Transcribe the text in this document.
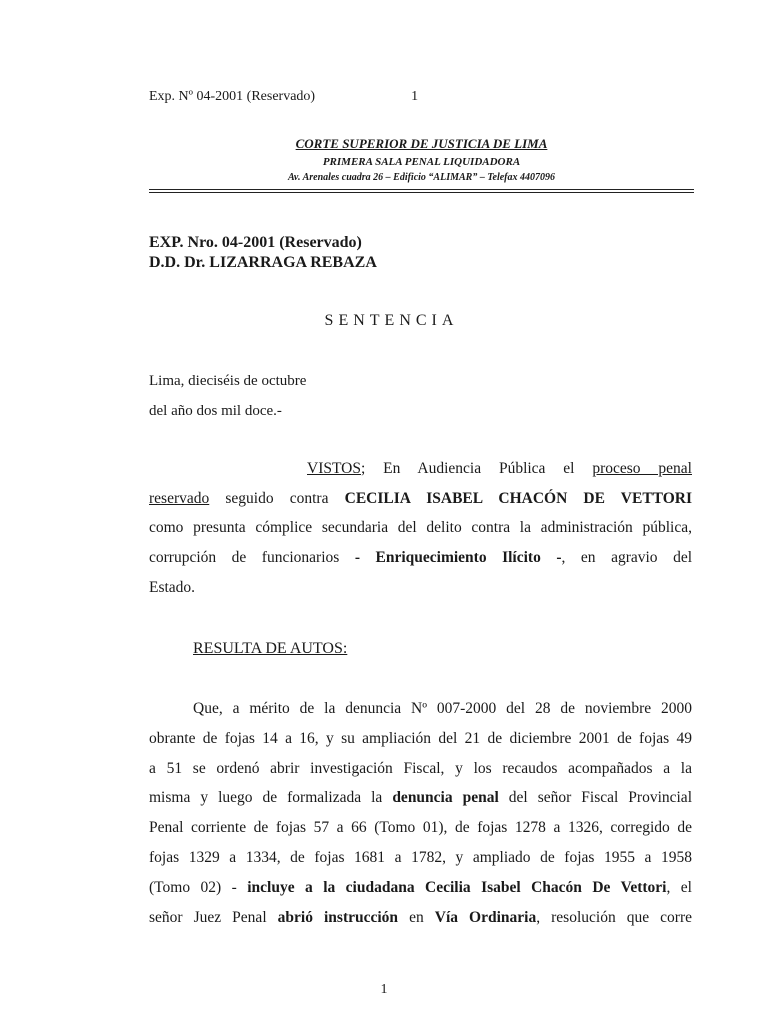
Exp. Nº 04-2001 (Reservado)	1
CORTE SUPERIOR DE JUSTICIA DE LIMA
PRIMERA SALA PENAL LIQUIDADORA
Av. Arenales cuadra 26 – Edificio “ALIMAR” – Telefax 4407096
EXP. Nro. 04-2001 (Reservado)
D.D. Dr. LIZARRAGA REBAZA
SENTENCIA
Lima, dieciséis de octubre
del año dos mil doce.-
VISTOS; En Audiencia Pública el proceso penal
reservado seguido contra CECILIA ISABEL CHACÓN DE VETTORI
como presunta cómplice secundaria del delito contra la administración pública,
corrupción de funcionarios - Enriquecimiento Ilícito -, en agravio del
Estado.
RESULTA DE AUTOS:
Que, a mérito de la denuncia Nº 007-2000 del 28 de noviembre 2000
obrante de fojas 14 a 16, y su ampliación del 21 de diciembre 2001 de fojas 49
a 51 se ordenó abrir investigación Fiscal, y los recaudos acompañados a la
misma y luego de formalizada la denuncia penal del señor Fiscal Provincial
Penal corriente de fojas 57 a 66 (Tomo 01), de fojas 1278 a 1326, corregido de
fojas 1329 a 1334, de fojas 1681 a 1782, y ampliado de fojas 1955 a 1958
(Tomo 02) - incluye a la ciudadana Cecilia Isabel Chacón De Vettori, el
señor Juez Penal abrió instrucción en Vía Ordinaria, resolución que corre
1
